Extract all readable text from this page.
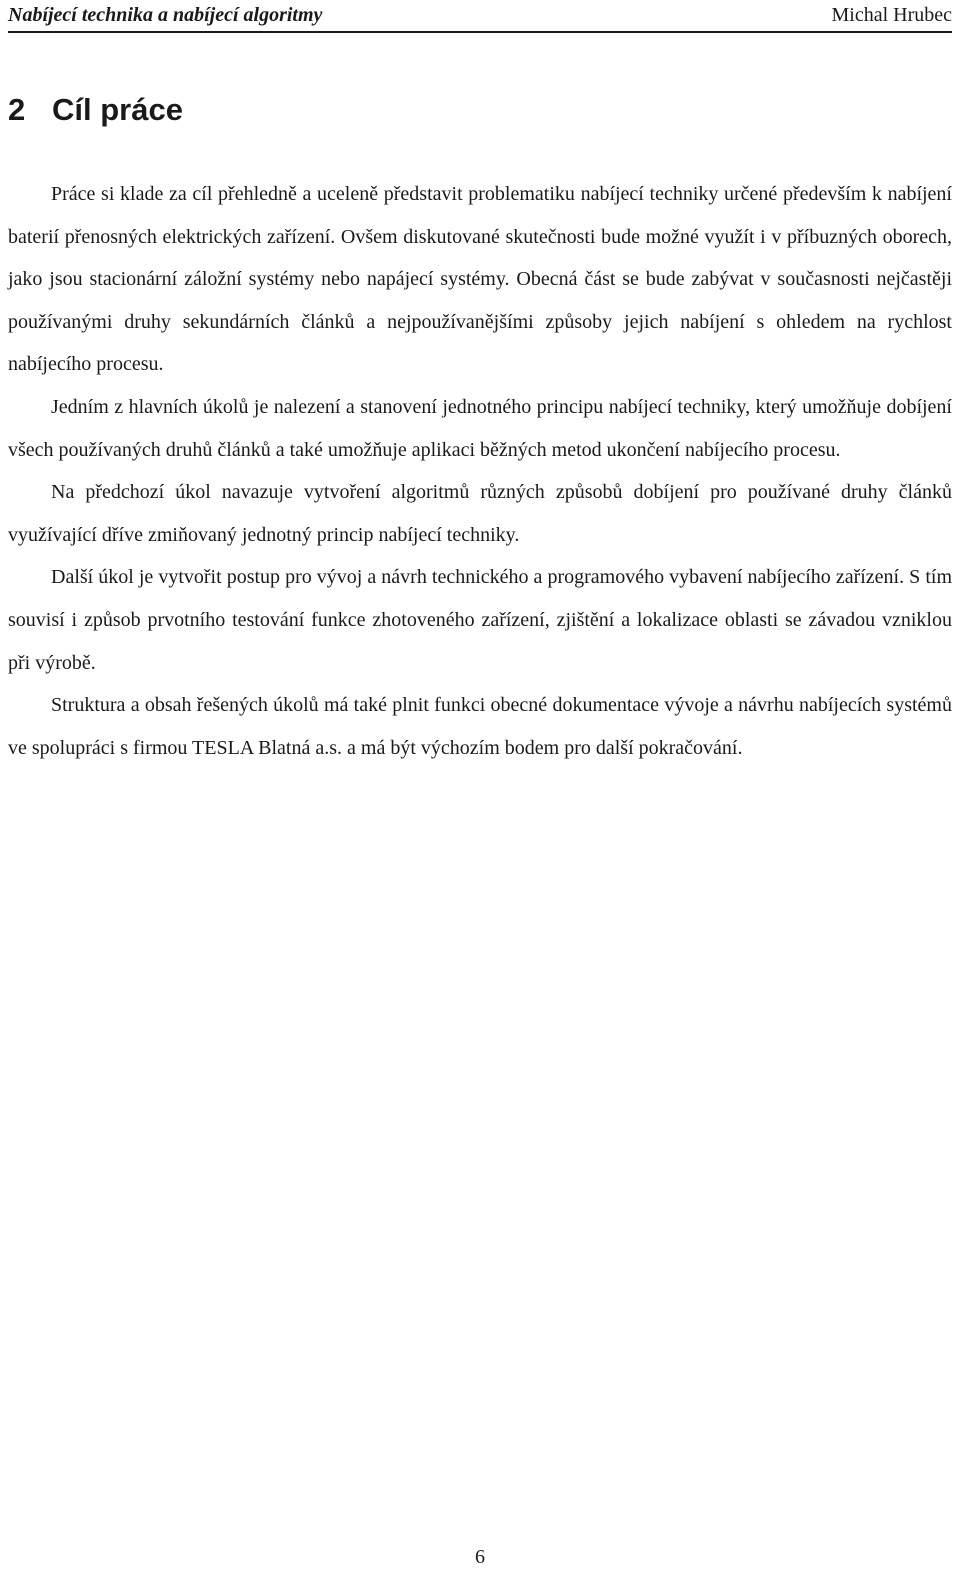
Nabíjecí technika a nabíjecí algoritmy	Michal Hrubec
2 Cíl práce

Práce si klade za cíl přehledně a uceleně představit problematiku nabíjecí techniky určené především k nabíjení baterií přenosných elektrických zařízení. Ovšem diskutované skutečnosti bude možné využít i v příbuzných oborech, jako jsou stacionární záložní systémy nebo napájecí systémy. Obecná část se bude zabývat v současnosti nejčastěji používanými druhy sekundárních článků a nejpoužívanějšími způsoby jejich nabíjení s ohledem na rychlost nabíjecího procesu.

Jedním z hlavních úkolů je nalezení a stanovení jednotného principu nabíjecí techniky, který umožňuje dobíjení všech používaných druhů článků a také umožňuje aplikaci běžných metod ukončení nabíjecího procesu.

Na předchozí úkol navazuje vytvoření algoritmů různých způsobů dobíjení pro používané druhy článků využívající dříve zmiňovaný jednotný princip nabíjecí techniky.

Další úkol je vytvořit postup pro vývoj a návrh technického a programového vybavení nabíjecího zařízení. S tím souvisí i způsob prvotního testování funkce zhotoveného zařízení, zjištění a lokalizace oblasti se závadou vzniklou při výrobě.

Struktura a obsah řešených úkolů má také plnit funkci obecné dokumentace vývoje a návrhu nabíjecích systémů ve spolupráci s firmou TESLA Blatná a.s. a má být výchozím bodem pro další pokračování.

6
